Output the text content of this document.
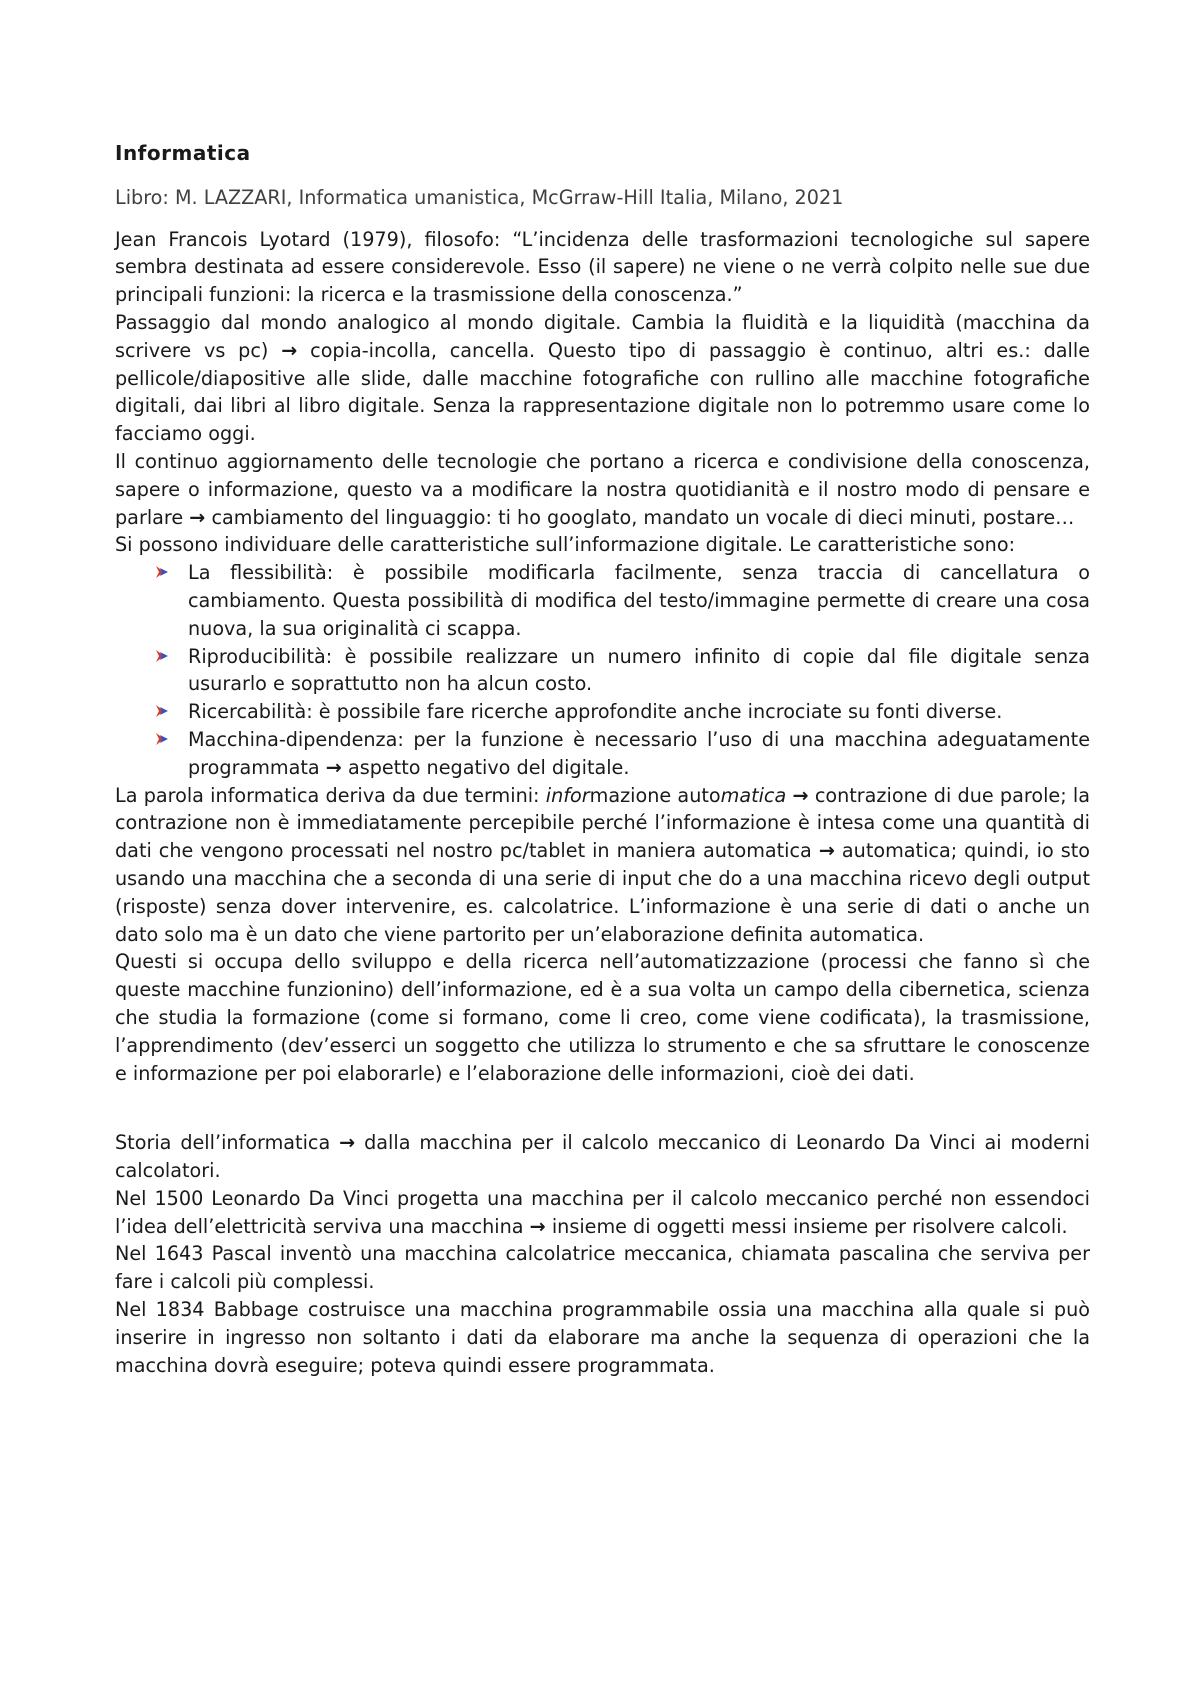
Informatica
Libro: M. LAZZARI, Informatica umanistica, McGrraw-Hill Italia, Milano, 2021

Jean Francois Lyotard (1979), filosofo: “L’incidenza delle trasformazioni tecnologiche sul sapere sembra destinata ad essere considerevole. Esso (il sapere) ne viene o ne verrà colpito nelle sue due principali funzioni: la ricerca e la trasmissione della conoscenza.”

Passaggio dal mondo analogico al mondo digitale. Cambia la fluidità e la liquidità (macchina da scrivere vs pc) → copia-incolla, cancella. Questo tipo di passaggio è continuo, altri es.: dalle pellicole/diapositive alle slide, dalle macchine fotografiche con rullino alle macchine fotografiche digitali, dai libri al libro digitale. Senza la rappresentazione digitale non lo potremmo usare come lo facciamo oggi.

Il continuo aggiornamento delle tecnologie che portano a ricerca e condivisione della conoscenza, sapere o informazione, questo va a modificare la nostra quotidianità e il nostro modo di pensare e parlare → cambiamento del linguaggio: ti ho googlato, mandato un vocale di dieci minuti, postare…

Si possono individuare delle caratteristiche sull’informazione digitale. Le caratteristiche sono:

La flessibilità: è possibile modificarla facilmente, senza traccia di cancellatura o cambiamento. Questa possibilità di modifica del testo/immagine permette di creare una cosa nuova, la sua originalità ci scappa.
Riproducibilità: è possibile realizzare un numero infinito di copie dal file digitale senza usurarlo e soprattutto non ha alcun costo.
Ricercabilità: è possibile fare ricerche approfondite anche incrociate su fonti diverse.
Macchina-dipendenza: per la funzione è necessario l’uso di una macchina adeguatamente programmata → aspetto negativo del digitale.

La parola informatica deriva da due termini: informazione automatica → contrazione di due parole; la contrazione non è immediatamente percepibile perché l’informazione è intesa come una quantità di dati che vengono processati nel nostro pc/tablet in maniera automatica → automatica; quindi, io sto usando una macchina che a seconda di una serie di input che do a una macchina ricevo degli output (risposte) senza dover intervenire, es. calcolatrice. L’informazione è una serie di dati o anche un dato solo ma è un dato che viene partorito per un’elaborazione definita automatica.

Questi si occupa dello sviluppo e della ricerca nell’automatizzazione (processi che fanno sì che queste macchine funzionino) dell’informazione, ed è a sua volta un campo della cibernetica, scienza che studia la formazione (come si formano, come li creo, come viene codificata), la trasmissione, l’apprendimento (dev’esserci un soggetto che utilizza lo strumento e che sa sfruttare le conoscenze e informazione per poi elaborarle) e l’elaborazione delle informazioni, cioè dei dati.

Storia dell’informatica → dalla macchina per il calcolo meccanico di Leonardo Da Vinci ai moderni calcolatori.

Nel 1500 Leonardo Da Vinci progetta una macchina per il calcolo meccanico perché non essendoci l’idea dell’elettricità serviva una macchina → insieme di oggetti messi insieme per risolvere calcoli.

Nel 1643 Pascal inventò una macchina calcolatrice meccanica, chiamata pascalina che serviva per fare i calcoli più complessi.

Nel 1834 Babbage costruisce una macchina programmabile ossia una macchina alla quale si può inserire in ingresso non soltanto i dati da elaborare ma anche la sequenza di operazioni che la macchina dovrà eseguire; poteva quindi essere programmata.
